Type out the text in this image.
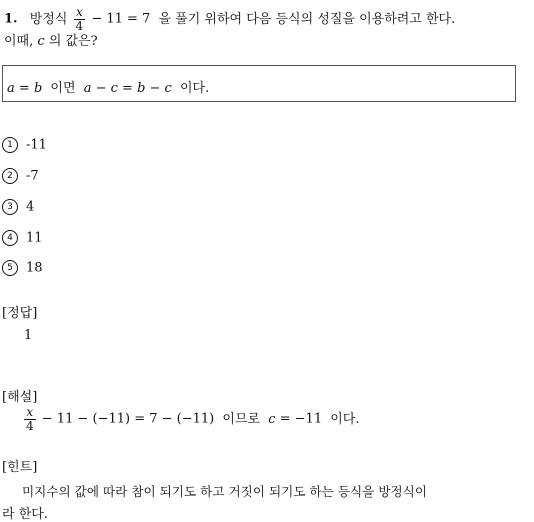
1. 방정식 $\frac{x}{4} - 11 = 7$ 을 풀기 위하여 다음 등식의 성질을 이용하려고 한다.
이때, c 의 값은?
a = b 이면 a − c = b − c 이다.
1 -11
2 -7
3 4
4 11
5 18
[정답]
1
[해설]
$\frac{x}{4} - 11 - (-11) = 7 - (-11)$ 이므로 c = −11 이다.
[힌트]
미지수의 값에 따라 참이 되기도 하고 거짓이 되기도 하는 등식을 방정식이
라 한다.
